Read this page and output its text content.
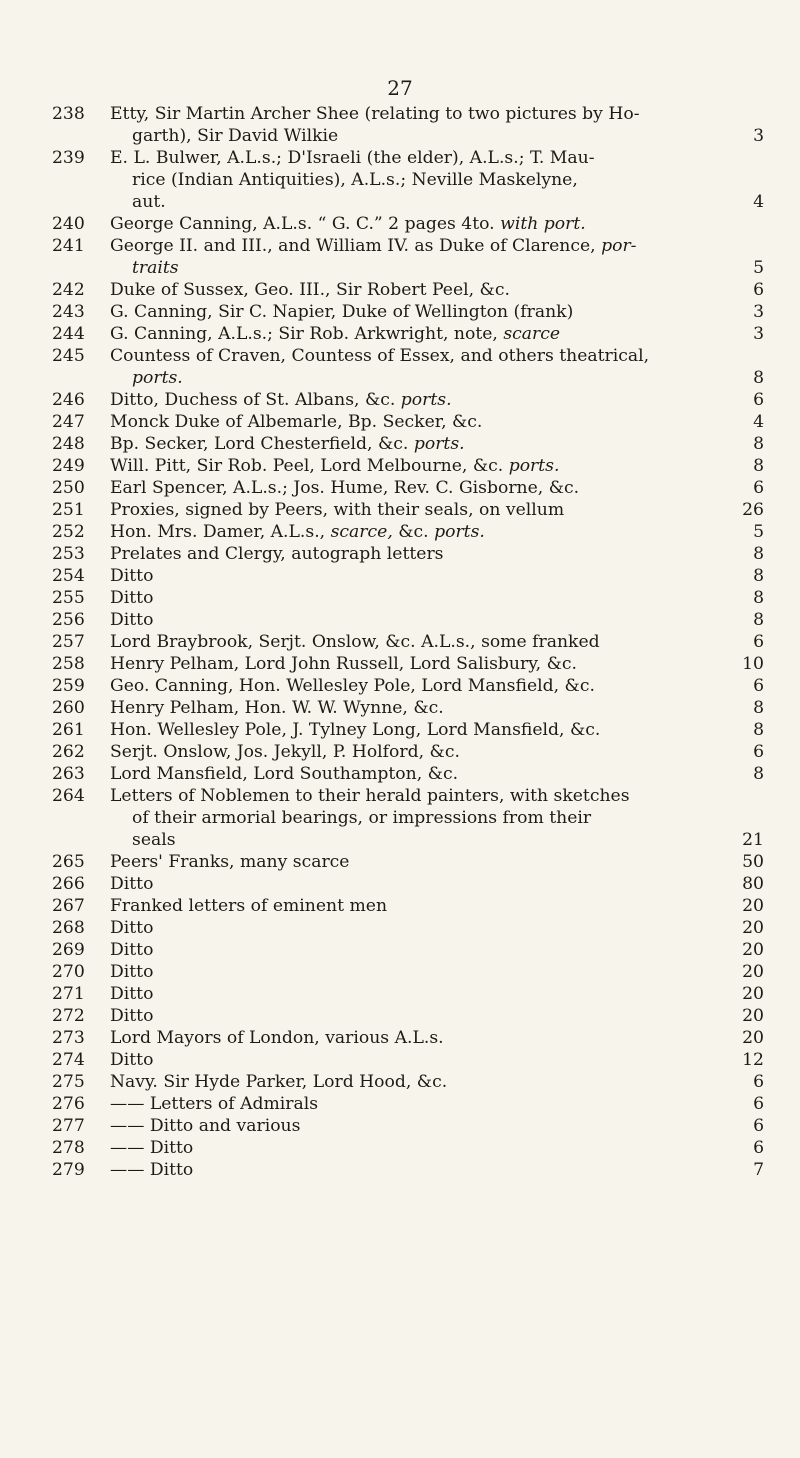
27
238	Etty, Sir Martin Archer Shee (relating to two pictures by Ho-
garth), Sir David Wilkie	3
239	E. L. Bulwer, A.L.s.; D'Israeli (the elder), A.L.s.; T. Mau-
rice (Indian Antiquities), A.L.s.; Neville Maskelyne,
aut.	4
240	George Canning, A.L.s. “ G. C.” 2 pages 4to. with port.
241	George II. and III., and William IV. as Duke of Clarence, por-
traits	5
242	Duke of Sussex, Geo. III., Sir Robert Peel, &c.	6
243	G. Canning, Sir C. Napier, Duke of Wellington (frank)	3
244	G. Canning, A.L.s.; Sir Rob. Arkwright, note, scarce	3
245	Countess of Craven, Countess of Essex, and others theatrical,
ports.	8
246	Ditto, Duchess of St. Albans, &c. ports.	6
247	Monck Duke of Albemarle, Bp. Secker, &c.	4
248	Bp. Secker, Lord Chesterfield, &c. ports.	8
249	Will. Pitt, Sir Rob. Peel, Lord Melbourne, &c. ports.	8
250	Earl Spencer, A.L.s.; Jos. Hume, Rev. C. Gisborne, &c.	6
251	Proxies, signed by Peers, with their seals, on vellum	26
252	Hon. Mrs. Damer, A.L.s., scarce, &c. ports.	5
253	Prelates and Clergy, autograph letters	8
254	Ditto	8
255	Ditto	8
256	Ditto	8
257	Lord Braybrook, Serjt. Onslow, &c. A.L.s., some franked	6
258	Henry Pelham, Lord John Russell, Lord Salisbury, &c.	10
259	Geo. Canning, Hon. Wellesley Pole, Lord Mansfield, &c.	6
260	Henry Pelham, Hon. W. W. Wynne, &c.	8
261	Hon. Wellesley Pole, J. Tylney Long, Lord Mansfield, &c.	8
262	Serjt. Onslow, Jos. Jekyll, P. Holford, &c.	6
263	Lord Mansfield, Lord Southampton, &c.	8
264	Letters of Noblemen to their herald painters, with sketches
of their armorial bearings, or impressions from their
seals	21
265	Peers' Franks, many scarce	50
266	Ditto	80
267	Franked letters of eminent men	20
268	Ditto	20
269	Ditto	20
270	Ditto	20
271	Ditto	20
272	Ditto	20
273	Lord Mayors of London, various A.L.s.	20
274	Ditto	12
275	Navy. Sir Hyde Parker, Lord Hood, &c.	6
276	—— Letters of Admirals	6
277	—— Ditto and various	6
278	—— Ditto	6
279	—— Ditto	7
